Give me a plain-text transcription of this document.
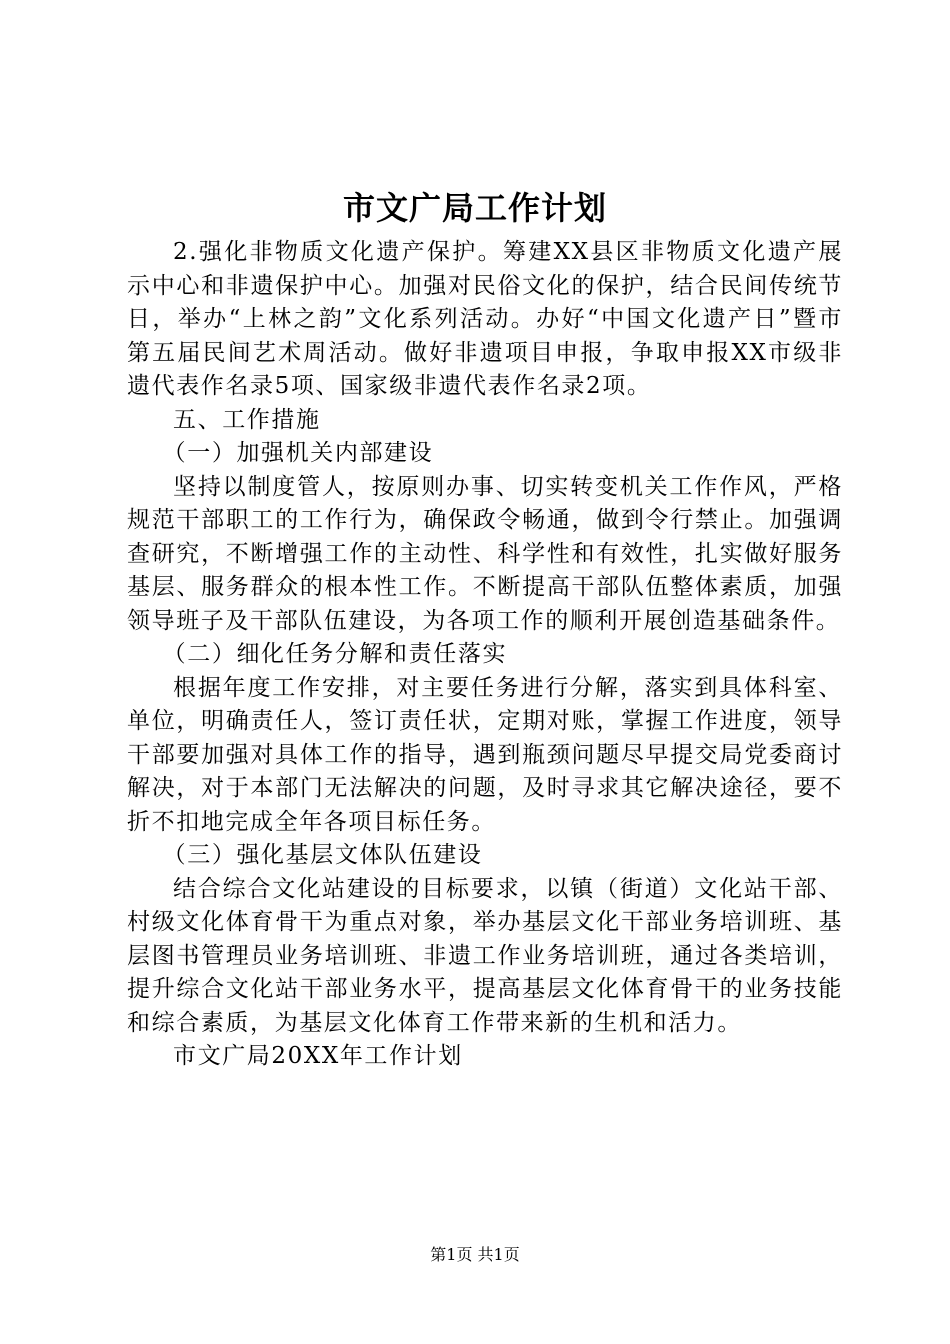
市文广局工作计划

2.强化非物质文化遗产保护。筹建XX县区非物质文化遗产展示中心和非遗保护中心。加强对民俗文化的保护，结合民间传统节日，举办“上林之韵”文化系列活动。办好“中国文化遗产日”暨市第五届民间艺术周活动。做好非遗项目申报，争取申报XX市级非遗代表作名录5项、国家级非遗代表作名录2项。

五、工作措施

（一）加强机关内部建设

坚持以制度管人，按原则办事、切实转变机关工作作风，严格规范干部职工的工作行为，确保政令畅通，做到令行禁止。加强调查研究，不断增强工作的主动性、科学性和有效性，扎实做好服务基层、服务群众的根本性工作。不断提高干部队伍整体素质，加强领导班子及干部队伍建设，为各项工作的顺利开展创造基础条件。

（二）细化任务分解和责任落实

根据年度工作安排，对主要任务进行分解，落实到具体科室、单位，明确责任人，签订责任状，定期对账，掌握工作进度，领导干部要加强对具体工作的指导，遇到瓶颈问题尽早提交局党委商讨解决，对于本部门无法解决的问题，及时寻求其它解决途径，要不折不扣地完成全年各项目标任务。

（三）强化基层文体队伍建设

结合综合文化站建设的目标要求，以镇（街道）文化站干部、村级文化体育骨干为重点对象，举办基层文化干部业务培训班、基层图书管理员业务培训班、非遗工作业务培训班，通过各类培训，提升综合文化站干部业务水平，提高基层文化体育骨干的业务技能和综合素质，为基层文化体育工作带来新的生机和活力。

市文广局20XX年工作计划

第1页 共1页
